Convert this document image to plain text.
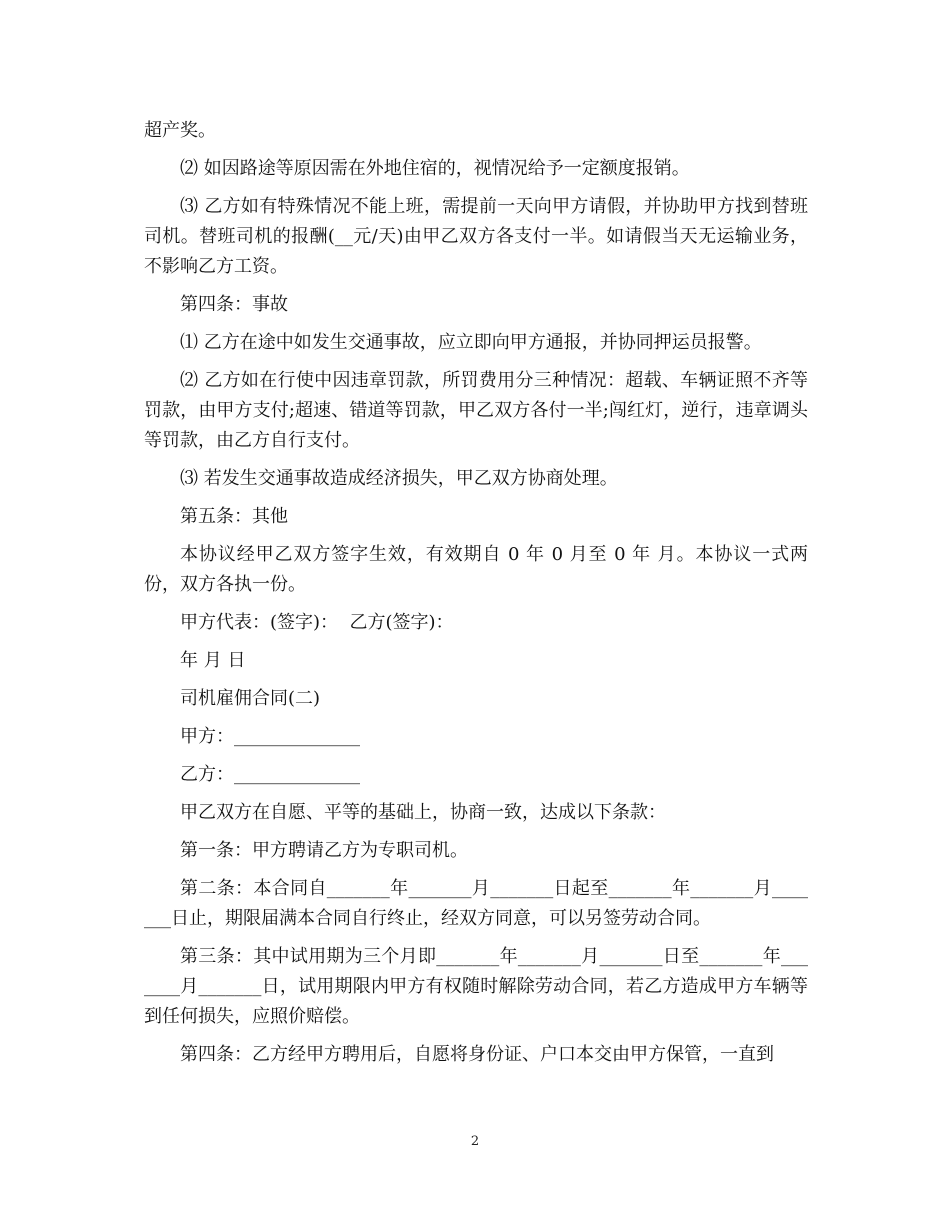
超产奖。

⑵ 如因路途等原因需在外地住宿的，视情况给予一定额度报销。

⑶ 乙方如有特殊情况不能上班，需提前一天向甲方请假，并协助甲方找到替班司机。替班司机的报酬(__元/天)由甲乙双方各支付一半。如请假当天无运输业务，不影响乙方工资。

第四条：事故

⑴ 乙方在途中如发生交通事故，应立即向甲方通报，并协同押运员报警。

⑵ 乙方如在行使中因违章罚款，所罚费用分三种情况：超载、车辆证照不齐等罚款，由甲方支付;超速、错道等罚款，甲乙双方各付一半;闯红灯，逆行，违章调头等罚款，由乙方自行支付。

⑶ 若发生交通事故造成经济损失，甲乙双方协商处理。

第五条：其他

本协议经甲乙双方签字生效，有效期自 0 年 0 月至 0 年 月。本协议一式两份，双方各执一份。

甲方代表：(签字)：  乙方(签字)：

年 月 日

司机雇佣合同(二)

甲方：______________

乙方：______________

甲乙双方在自愿、平等的基础上，协商一致，达成以下条款：

第一条：甲方聘请乙方为专职司机。

第二条：本合同自_______年_______月_______日起至_______年_______月_______日止，期限届满本合同自行终止，经双方同意，可以另签劳动合同。

第三条：其中试用期为三个月即_______年_______月_______日至_______年_______月_______日，试用期限内甲方有权随时解除劳动合同，若乙方造成甲方车辆等到任何损失，应照价赔偿。

第四条：乙方经甲方聘用后，自愿将身份证、户口本交由甲方保管，一直到

2
